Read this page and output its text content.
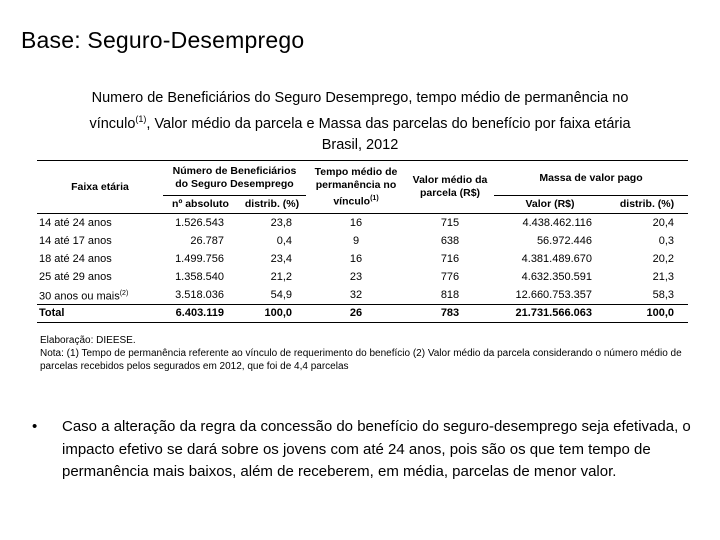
Base: Seguro-Desemprego
Numero de Beneficiários do Seguro Desemprego, tempo médio de permanência no
vínculo$^{(1)}$, Valor médio da parcela e Massa das parcelas do benefício por faixa etária
Brasil, 2012
Faixa etária	Número de Beneficiários do Seguro Desemprego		Tempo médio de permanência no vínculo$^{(1)}$	Valor médio da parcela (R$)	Massa de valor pago	
	nº absoluto	distrib. (%)			Valor (R$)	distrib. (%)
14 até 24 anos	1.526.543	23,8	16	715	4.438.462.116	20,4
14 até 17 anos	26.787	0,4	9	638	56.972.446	0,3
18 até 24 anos	1.499.756	23,4	16	716	4.381.489.670	20,2
25 até 29 anos	1.358.540	21,2	23	776	4.632.350.591	21,3
30 anos ou mais$^{(2)}$	3.518.036	54,9	32	818	12.660.753.357	58,3
Total	6.403.119	100,0	26	783	21.731.566.063	100,0
Elaboração: DIEESE.
Nota: (1) Tempo de permanência referente ao vínculo de requerimento do benefício (2) Valor médio da parcela considerando o número médio de parcelas recebidos pelos segurados em 2012, que foi de 4,4 parcelas
•	Caso a alteração da regra da concessão do benefício do seguro-desemprego seja efetivada, o impacto efetivo se dará sobre os jovens com até 24 anos, pois são os que tem tempo de permanência mais baixos, além de receberem, em média, parcelas de menor valor.
